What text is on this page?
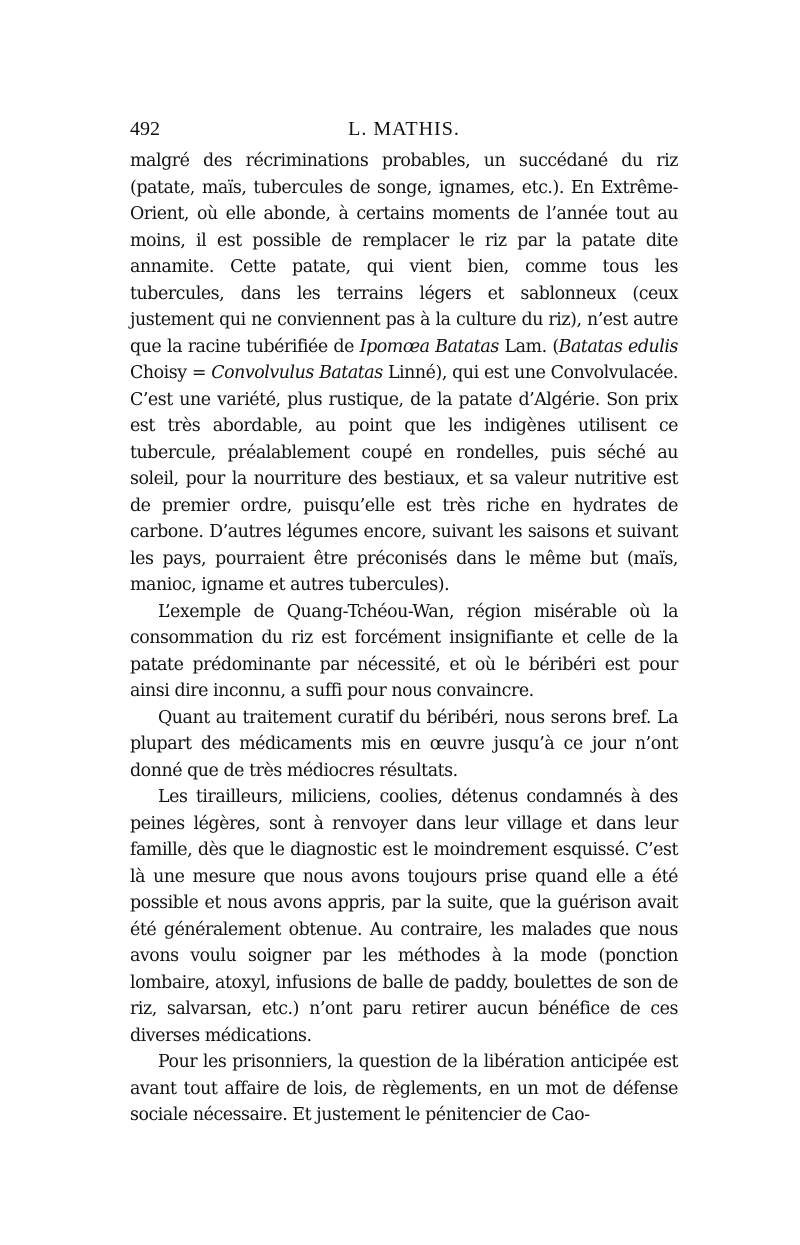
492	L. MATHIS.

malgré des récriminations probables, un succédané du riz (patate, maïs, tubercules de songe, ignames, etc.). En Extrême-Orient, où elle abonde, à certains moments de l’année tout au moins, il est possible de remplacer le riz par la patate dite annamite. Cette patate, qui vient bien, comme tous les tubercules, dans les terrains légers et sablonneux (ceux justement qui ne conviennent pas à la culture du riz), n’est autre que la racine tubérifiée de Ipomœa Batatas Lam. (Batatas edulis Choisy = Convolvulus Batatas Linné), qui est une Convolvulacée. C’est une variété, plus rustique, de la patate d’Algérie. Son prix est très abordable, au point que les indigènes utilisent ce tubercule, préalablement coupé en rondelles, puis séché au soleil, pour la nourriture des bestiaux, et sa valeur nutritive est de premier ordre, puisqu’elle est très riche en hydrates de carbone. D’autres légumes encore, suivant les saisons et suivant les pays, pourraient être préconisés dans le même but (maïs, manioc, igname et autres tubercules).

L’exemple de Quang-Tchéou-Wan, région misérable où la consommation du riz est forcément insignifiante et celle de la patate prédominante par nécessité, et où le béribéri est pour ainsi dire inconnu, a suffi pour nous convaincre.

Quant au traitement curatif du béribéri, nous serons bref. La plupart des médicaments mis en œuvre jusqu’à ce jour n’ont donné que de très médiocres résultats.

Les tirailleurs, miliciens, coolies, détenus condamnés à des peines légères, sont à renvoyer dans leur village et dans leur famille, dès que le diagnostic est le moindrement esquissé. C’est là une mesure que nous avons toujours prise quand elle a été possible et nous avons appris, par la suite, que la guérison avait été généralement obtenue. Au contraire, les malades que nous avons voulu soigner par les méthodes à la mode (ponction lombaire, atoxyl, infusions de balle de paddy, boulettes de son de riz, salvarsan, etc.) n’ont paru retirer aucun bénéfice de ces diverses médications.

Pour les prisonniers, la question de la libération anticipée est avant tout affaire de lois, de règlements, en un mot de défense sociale nécessaire. Et justement le pénitencier de Cao-
